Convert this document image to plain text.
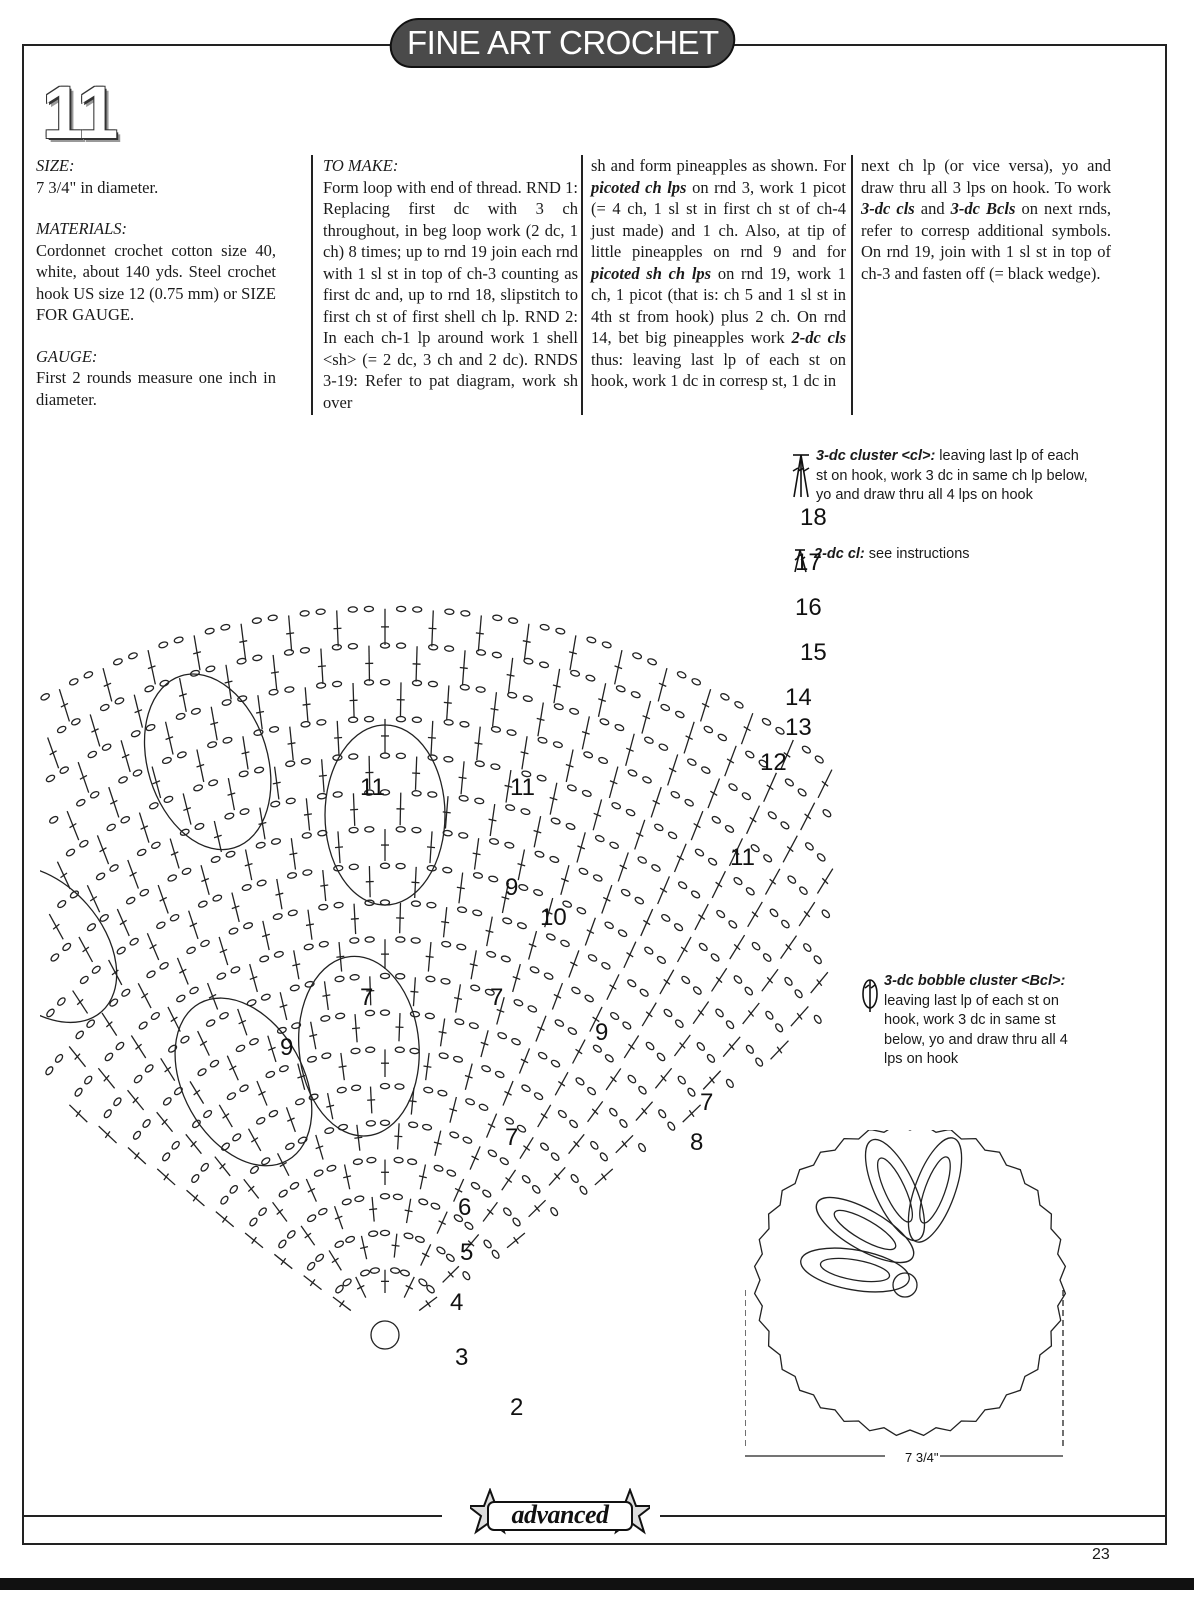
FINE ART CROCHET
11
SIZE:
7 3/4" in diameter.
MATERIALS:
Cordonnet crochet cotton size 40, white, about 140 yds. Steel crochet hook US size 12 (0.75 mm) or SIZE FOR GAUGE.
GAUGE:
First 2 rounds measure one inch in diameter.
TO MAKE:
Form loop with end of thread. RND 1: Replacing first dc with 3 ch throughout, in beg loop work (2 dc, 1 ch) 8 times; up to rnd 19 join each rnd with 1 sl st in top of ch-3 counting as first dc and, up to rnd 18, slipstitch to first ch st of first shell ch lp. RND 2: In each ch-1 lp around work 1 shell <sh> (= 2 dc, 3 ch and 2 dc). RNDS 3-19: Refer to pat diagram, work sh over
sh and form pineapples as shown. For picoted ch lps on rnd 3, work 1 picot (= 4 ch, 1 sl st in first ch st of ch-4 just made) and 1 ch. Also, at tip of little pineapples on rnd 9 and for picoted sh ch lps on rnd 19, work 1 ch, 1 picot (that is: ch 5 and 1 sl st in 4th st from hook) plus 2 ch. On rnd 14, bet big pineapples work 2-dc cls thus: leaving last lp of each st on hook, work 1 dc in corresp st, 1 dc in
next ch lp (or vice versa), yo and draw thru all 3 lps on hook. To work 3-dc cls and 3-dc Bcls on next rnds, refer to corresp additional symbols. On rnd 19, join with 1 sl st in top of ch-3 and fasten off (= black wedge).
3-dc cluster <cl>: leaving last lp of each st on hook, work 3 dc in same ch lp below, yo and draw thru all 4 lps on hook
2-dc cl: see instructions
3-dc bobble cluster <Bcl>: leaving last lp of each st on hook, work 3 dc in same st below, yo and draw thru all 4 lps on hook
2
3
4
5
6
7	7
7
7
8
9
9
9
10
11	11
11
12
13
14
15
16
17
18
7 3/4"
advanced
23
